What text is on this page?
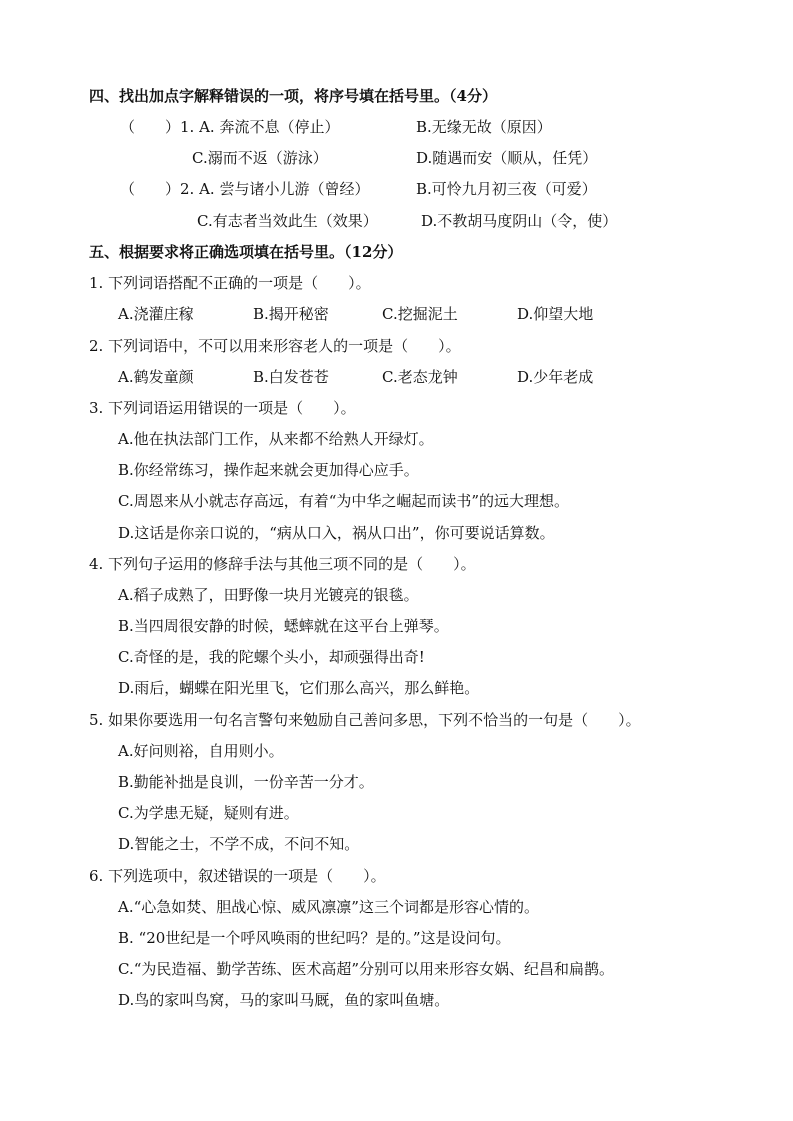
四、找出加点字解释错误的一项，将序号填在括号里。（4分）
（　　）1. A. 奔流不息（停止）	B.无缘无故（原因）
C.溺而不返（游泳）	D.随遇而安（顺从，任凭）
（　　）2. A. 尝与诸小儿游（曾经）	B.可怜九月初三夜（可爱）
C.有志者当效此生（效果）	D.不教胡马度阴山（令，使）
五、根据要求将正确选项填在括号里。（12分）
1. 下列词语搭配不正确的一项是（　　）。
A.浇灌庄稼	B.揭开秘密	C.挖掘泥土	D.仰望大地
2. 下列词语中，不可以用来形容老人的一项是（　　）。
A.鹤发童颜	B.白发苍苍	C.老态龙钟	D.少年老成
3. 下列词语运用错误的一项是（　　）。
A.他在执法部门工作，从来都不给熟人开绿灯。
B.你经常练习，操作起来就会更加得心应手。
C.周恩来从小就志存高远，有着“为中华之崛起而读书”的远大理想。
D.这话是你亲口说的，“病从口入，祸从口出”，你可要说话算数。
4. 下列句子运用的修辞手法与其他三项不同的是（　　）。
A.稻子成熟了，田野像一块月光镀亮的银毯。
B.当四周很安静的时候，蟋蟀就在这平台上弹琴。
C.奇怪的是，我的陀螺个头小，却顽强得出奇!
D.雨后，蝴蝶在阳光里飞，它们那么高兴，那么鲜艳。
5. 如果你要选用一句名言警句来勉励自己善问多思，下列不恰当的一句是（　　）。
A.好问则裕，自用则小。
B.勤能补拙是良训，一份辛苦一分才。
C.为学患无疑，疑则有进。
D.智能之士，不学不成，不问不知。
6. 下列选项中，叙述错误的一项是（　　）。
A.“心急如焚、胆战心惊、威风凛凛”这三个词都是形容心情的。
B. “20世纪是一个呼风唤雨的世纪吗？是的。”这是设问句。
C.“为民造福、勤学苦练、医术高超”分别可以用来形容女娲、纪昌和扁鹊。
D.鸟的家叫鸟窝，马的家叫马厩，鱼的家叫鱼塘。
